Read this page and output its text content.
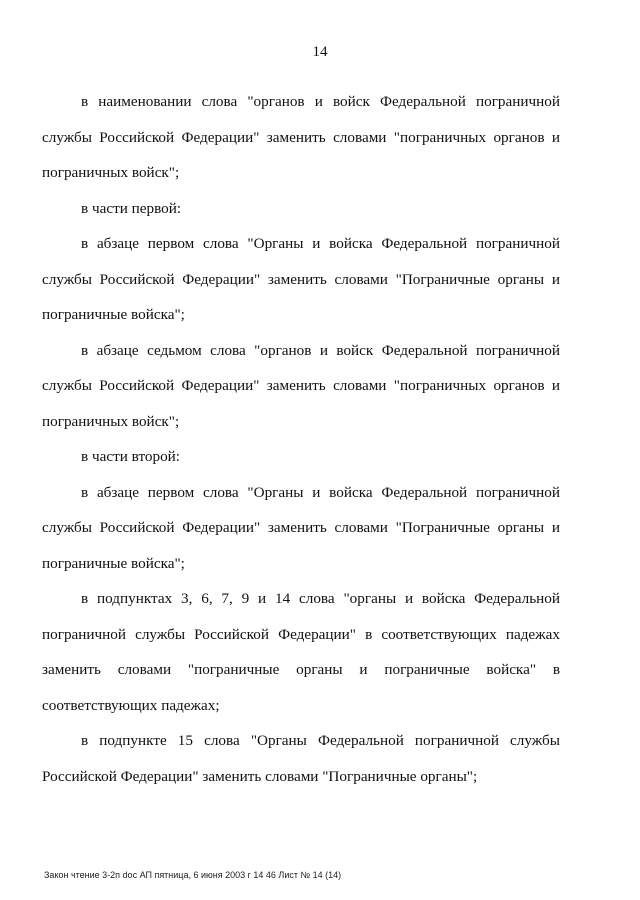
14

в наименовании слова "органов и войск Федеральной пограничной службы Российской Федерации" заменить словами "пограничных органов и пограничных войск";

в части первой:

в абзаце первом слова "Органы и войска Федеральной пограничной службы Российской Федерации" заменить словами "Пограничные органы и пограничные войска";

в абзаце седьмом слова "органов и войск Федеральной пограничной службы Российской Федерации" заменить словами "пограничных органов и пограничных войск";

в части второй:

в абзаце первом слова "Органы и войска Федеральной пограничной службы Российской Федерации" заменить словами "Пограничные органы и пограничные войска";

в подпунктах 3, 6, 7, 9 и 14 слова "органы и войска Федеральной пограничной службы Российской Федерации" в соответствующих падежах заменить словами "пограничные органы и пограничные войска" в соответствующих падежах;

в подпункте 15 слова "Органы Федеральной пограничной службы Российской Федерации" заменить словами "Пограничные органы";

Закон чтение 3-2п doc АП пятница, 6 июня 2003 г 14 46 Лист № 14 (14)
